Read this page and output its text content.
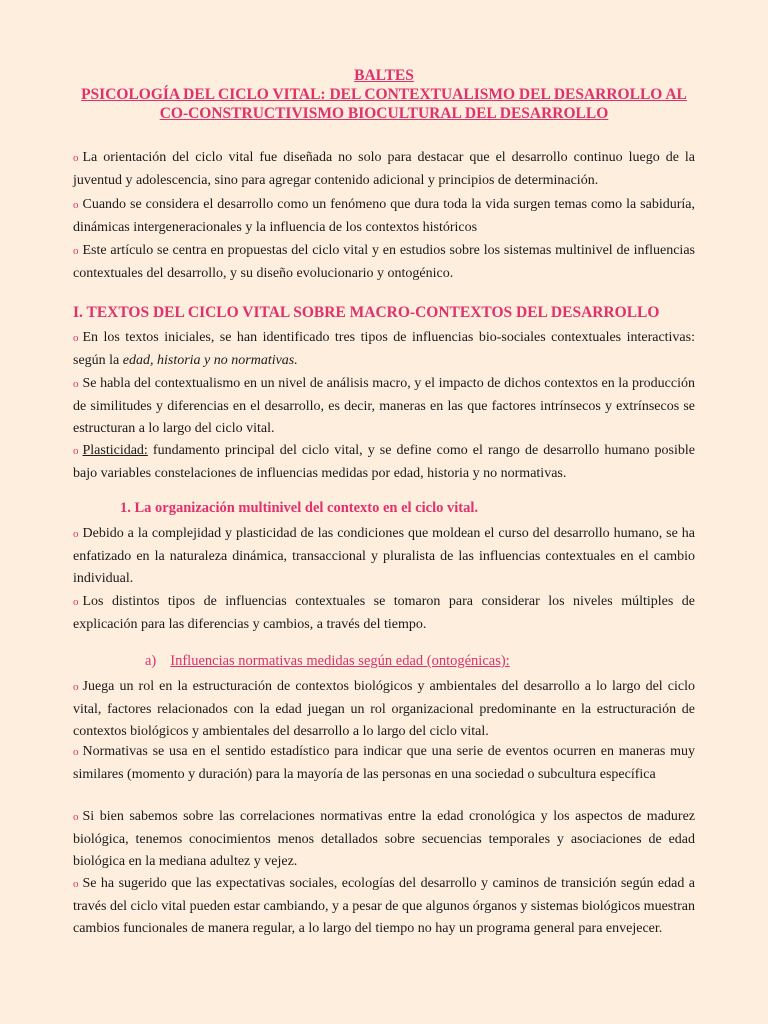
BALTES
PSICOLOGÍA DEL CICLO VITAL: DEL CONTEXTUALISMO DEL DESARROLLO AL
CO-CONSTRUCTIVISMO BIOCULTURAL DEL DESARROLLO
o La orientación del ciclo vital fue diseñada no solo para destacar que el desarrollo continuo luego de la juventud y adolescencia, sino para agregar contenido adicional y principios de determinación.
o Cuando se considera el desarrollo como un fenómeno que dura toda la vida surgen temas como la sabiduría, dinámicas intergeneracionales y la influencia de los contextos históricos
o Este artículo se centra en propuestas del ciclo vital y en estudios sobre los sistemas multinivel de influencias contextuales del desarrollo, y su diseño evolucionario y ontogénico.
I. TEXTOS DEL CICLO VITAL SOBRE MACRO-CONTEXTOS DEL DESARROLLO
o En los textos iniciales, se han identificado tres tipos de influencias bio-sociales contextuales interactivas: según la edad, historia y no normativas.
o Se habla del contextualismo en un nivel de análisis macro, y el impacto de dichos contextos en la producción de similitudes y diferencias en el desarrollo, es decir, maneras en las que factores intrínsecos y extrínsecos se estructuran a lo largo del ciclo vital.
o Plasticidad: fundamento principal del ciclo vital, y se define como el rango de desarrollo humano posible bajo variables constelaciones de influencias medidas por edad, historia y no normativas.
1. La organización multinivel del contexto en el ciclo vital.
o Debido a la complejidad y plasticidad de las condiciones que moldean el curso del desarrollo humano, se ha enfatizado en la naturaleza dinámica, transaccional y pluralista de las influencias contextuales en el cambio individual.
o Los distintos tipos de influencias contextuales se tomaron para considerar los niveles múltiples de explicación para las diferencias y cambios, a través del tiempo.
a) Influencias normativas medidas según edad (ontogénicas):
o Juega un rol en la estructuración de contextos biológicos y ambientales del desarrollo a lo largo del ciclo vital, factores relacionados con la edad juegan un rol organizacional predominante en la estructuración de contextos biológicos y ambientales del desarrollo a lo largo del ciclo vital.
o Normativas se usa en el sentido estadístico para indicar que una serie de eventos ocurren en maneras muy similares (momento y duración) para la mayoría de las personas en una sociedad o subcultura específica
o Si bien sabemos sobre las correlaciones normativas entre la edad cronológica y los aspectos de madurez biológica, tenemos conocimientos menos detallados sobre secuencias temporales y asociaciones de edad biológica en la mediana adultez y vejez.
o Se ha sugerido que las expectativas sociales, ecologías del desarrollo y caminos de transición según edad a través del ciclo vital pueden estar cambiando, y a pesar de que algunos órganos y sistemas biológicos muestran cambios funcionales de manera regular, a lo largo del tiempo no hay un programa general para envejecer.
